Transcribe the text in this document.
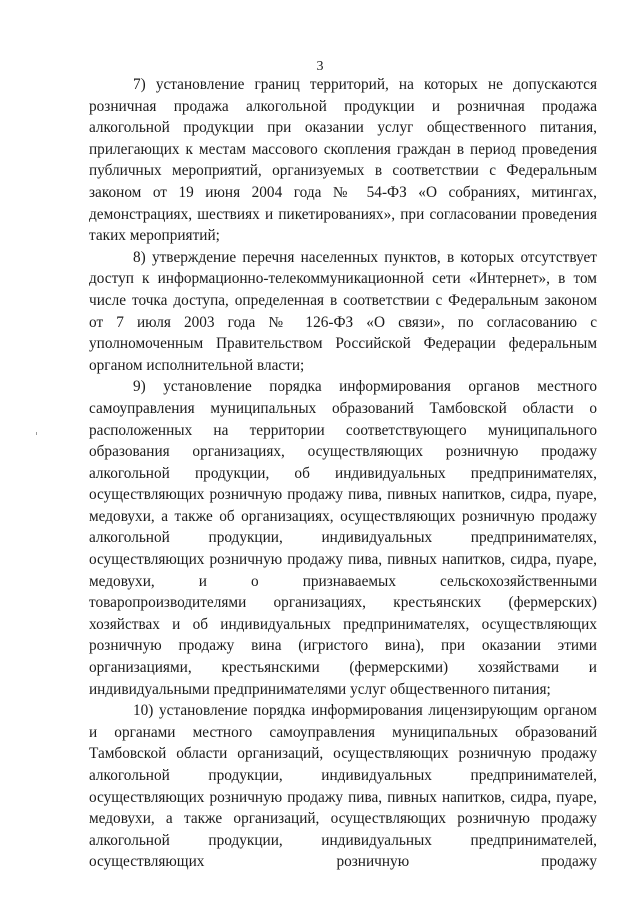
3

7) установление границ территорий, на которых не допускаются розничная продажа алкогольной продукции и розничная продажа алкогольной продукции при оказании услуг общественного питания, прилегающих к местам массового скопления граждан в период проведения публичных мероприятий, организуемых в соответствии с Федеральным законом от 19 июня 2004 года № 54-ФЗ «О собраниях, митингах, демонстрациях, шествиях и пикетированиях», при согласовании проведения таких мероприятий;

8) утверждение перечня населенных пунктов, в которых отсутствует доступ к информационно-телекоммуникационной сети «Интернет», в том числе точка доступа, определенная в соответствии с Федеральным законом от 7 июля 2003 года № 126-ФЗ «О связи», по согласованию с уполномоченным Правительством Российской Федерации федеральным органом исполнительной власти;

9) установление порядка информирования органов местного самоуправления муниципальных образований Тамбовской области о расположенных на территории соответствующего муниципального образования организациях, осуществляющих розничную продажу алкогольной продукции, об индивидуальных предпринимателях, осуществляющих розничную продажу пива, пивных напитков, сидра, пуаре, медовухи, а также об организациях, осуществляющих розничную продажу алкогольной продукции, индивидуальных предпринимателях, осуществляющих розничную продажу пива, пивных напитков, сидра, пуаре, медовухи, и о признаваемых сельскохозяйственными товаропроизводителями организациях, крестьянских (фермерских) хозяйствах и об индивидуальных предпринимателях, осуществляющих розничную продажу вина (игристого вина), при оказании этими организациями, крестьянскими (фермерскими) хозяйствами и индивидуальными предпринимателями услуг общественного питания;

10) установление порядка информирования лицензирующим органом и органами местного самоуправления муниципальных образований Тамбовской области организаций, осуществляющих розничную продажу алкогольной продукции, индивидуальных предпринимателей, осуществляющих розничную продажу пива, пивных напитков, сидра, пуаре, медовухи, а также организаций, осуществляющих розничную продажу алкогольной продукции, индивидуальных предпринимателей, осуществляющих розничную продажу
